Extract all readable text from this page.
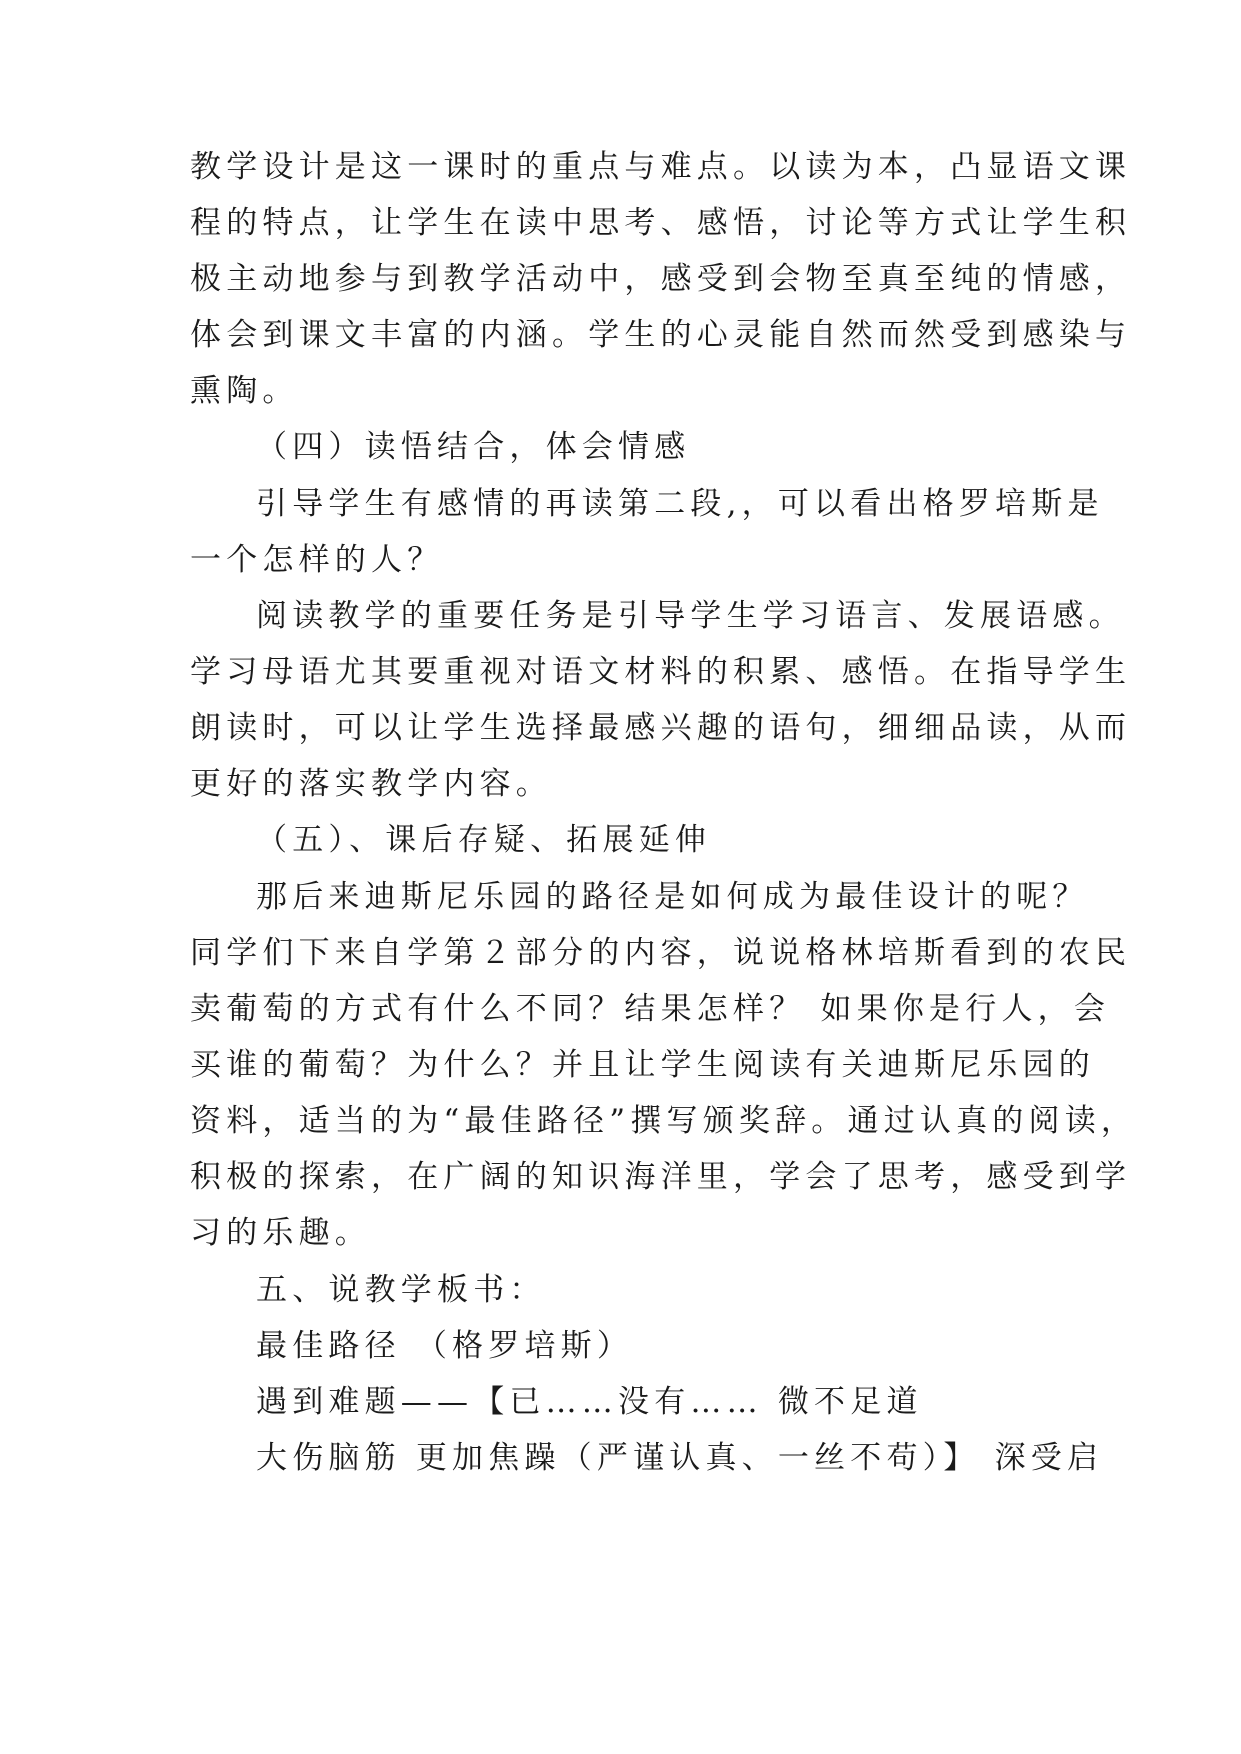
教学设计是这一课时的重点与难点。以读为本，凸显语文课
程的特点，让学生在读中思考、感悟，讨论等方式让学生积
极主动地参与到教学活动中，感受到会物至真至纯的情感，
体会到课文丰富的内涵。学生的心灵能自然而然受到感染与
熏陶。
（四）读悟结合，体会情感
引导学生有感情的再读第二段,，可以看出格罗培斯是
一个怎样的人？
阅读教学的重要任务是引导学生学习语言、发展语感。
学习母语尤其要重视对语文材料的积累、感悟。在指导学生
朗读时，可以让学生选择最感兴趣的语句，细细品读，从而
更好的落实教学内容。
（五）、课后存疑、拓展延伸
那后来迪斯尼乐园的路径是如何成为最佳设计的呢？
同学们下来自学第２部分的内容，说说格林培斯看到的农民
卖葡萄的方式有什么不同？结果怎样？ 如果你是行人，会
买谁的葡萄？为什么？并且让学生阅读有关迪斯尼乐园的
资料，适当的为“最佳路径”撰写颁奖辞。通过认真的阅读，
积极的探索，在广阔的知识海洋里，学会了思考，感受到学
习的乐趣。
五、说教学板书：
最佳路径 （格罗培斯）
遇到难题——【已……没有…… 微不足道
大伤脑筋 更加焦躁（严谨认真、一丝不苟）】 深受启
